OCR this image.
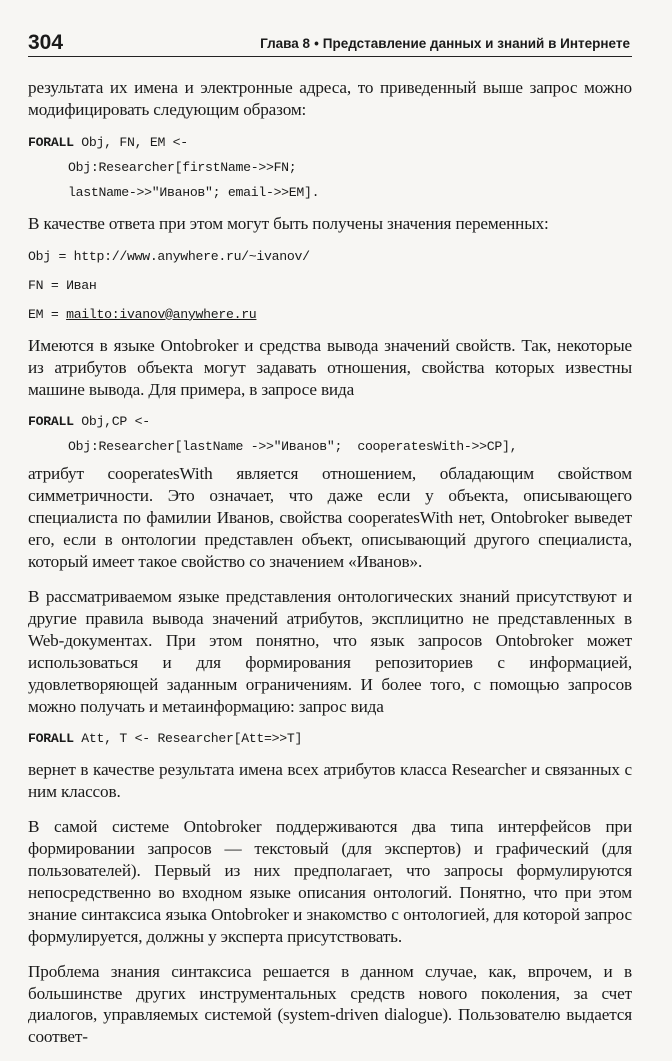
304	Глава 8 • Представление данных и знаний в Интернете

результата их имена и электронные адреса, то приведенный выше запрос можно модифицировать следующим образом:

FORALL Obj, FN, EM <-
Obj:Researcher[firstName->>FN;
lastName->>"Иванов"; email->>EM].

В качестве ответа при этом могут быть получены значения переменных:

Obj = http://www.anywhere.ru/~ivanov/
FN = Иван
EM = mailto:ivanov@anywhere.ru

Имеются в языке Ontobroker и средства вывода значений свойств. Так, некоторые из атрибутов объекта могут задавать отношения, свойства которых известны машине вывода. Для примера, в запросе вида

FORALL Obj,CP <-
Obj:Researcher[lastName ->>"Иванов";  cooperatesWith->>CP],

атрибут cooperatesWith является отношением, обладающим свойством симметричности. Это означает, что даже если у объекта, описывающего специалиста по фамилии Иванов, свойства cooperatesWith нет, Ontobroker выведет его, если в онтологии представлен объект, описывающий другого специалиста, который имеет такое свойство со значением «Иванов».

В рассматриваемом языке представления онтологических знаний присутствуют и другие правила вывода значений атрибутов, эксплицитно не представленных в Web-документах. При этом понятно, что язык запросов Ontobroker может использоваться и для формирования репозиториев с информацией, удовлетворяющей заданным ограничениям. И более того, с помощью запросов можно получать и метаинформацию: запрос вида

FORALL Att, T <- Researcher[Att=>>T]

вернет в качестве результата имена всех атрибутов класса Researcher и связанных с ним классов.

В самой системе Ontobroker поддерживаются два типа интерфейсов при формировании запросов — текстовый (для экспертов) и графический (для пользователей). Первый из них предполагает, что запросы формулируются непосредственно во входном языке описания онтологий. Понятно, что при этом знание синтаксиса языка Ontobroker и знакомство с онтологией, для которой запрос формулируется, должны у эксперта присутствовать.

Проблема знания синтаксиса решается в данном случае, как, впрочем, и в большинстве других инструментальных средств нового поколения, за счет диалогов, управляемых системой (system-driven dialogue). Пользователю выдается соответ-
